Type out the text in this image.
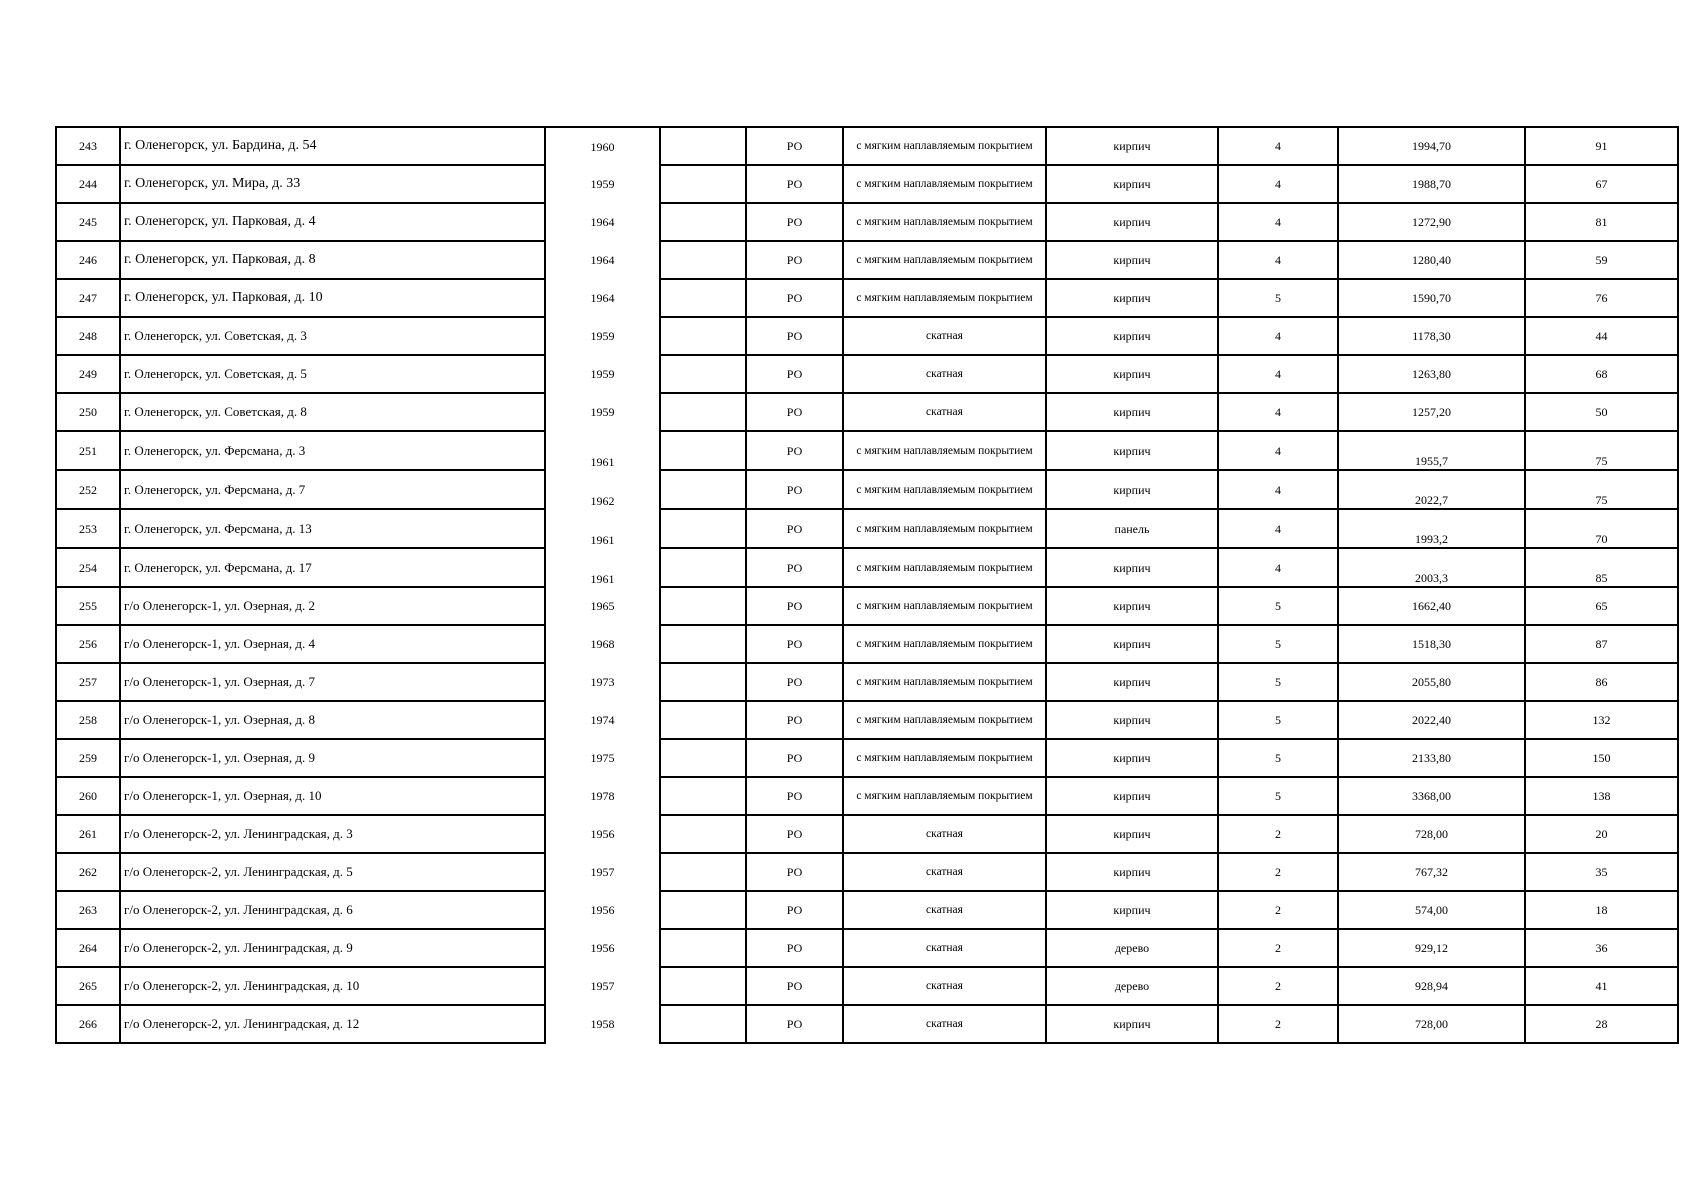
243	г. Оленегорск, ул. Бардина, д. 54	1960		РО	с мягким наплавляемым покрытием	кирпич	4	1994,70	91
244	г. Оленегорск, ул. Мира, д. 33	1959		РО	с мягким наплавляемым покрытием	кирпич	4	1988,70	67
245	г. Оленегорск, ул. Парковая, д. 4	1964		РО	с мягким наплавляемым покрытием	кирпич	4	1272,90	81
246	г. Оленегорск, ул. Парковая, д. 8	1964		РО	с мягким наплавляемым покрытием	кирпич	4	1280,40	59
247	г. Оленегорск, ул. Парковая, д. 10	1964		РО	с мягким наплавляемым покрытием	кирпич	5	1590,70	76
248	г. Оленегорск, ул. Советская, д. 3	1959		РО	скатная	кирпич	4	1178,30	44
249	г. Оленегорск, ул. Советская, д. 5	1959		РО	скатная	кирпич	4	1263,80	68
250	г. Оленегорск, ул. Советская, д. 8	1959		РО	скатная	кирпич	4	1257,20	50
251	г. Оленегорск, ул. Ферсмана, д. 3	1961		РО	с мягким наплавляемым покрытием	кирпич	4	1955,7	75
252	г. Оленегорск, ул. Ферсмана, д. 7	1962		РО	с мягким наплавляемым покрытием	кирпич	4	2022,7	75
253	г. Оленегорск, ул. Ферсмана, д. 13	1961		РО	с мягким наплавляемым покрытием	панель	4	1993,2	70
254	г. Оленегорск, ул. Ферсмана, д. 17	1961		РО	с мягким наплавляемым покрытием	кирпич	4	2003,3	85
255	г/о Оленегорск-1, ул. Озерная, д. 2	1965		РО	с мягким наплавляемым покрытием	кирпич	5	1662,40	65
256	г/о Оленегорск-1, ул. Озерная, д. 4	1968		РО	с мягким наплавляемым покрытием	кирпич	5	1518,30	87
257	г/о Оленегорск-1, ул. Озерная, д. 7	1973		РО	с мягким наплавляемым покрытием	кирпич	5	2055,80	86
258	г/о Оленегорск-1, ул. Озерная, д. 8	1974		РО	с мягким наплавляемым покрытием	кирпич	5	2022,40	132
259	г/о Оленегорск-1, ул. Озерная, д. 9	1975		РО	с мягким наплавляемым покрытием	кирпич	5	2133,80	150
260	г/о Оленегорск-1, ул. Озерная, д. 10	1978		РО	с мягким наплавляемым покрытием	кирпич	5	3368,00	138
261	г/о Оленегорск-2, ул. Ленинградская, д. 3	1956		РО	скатная	кирпич	2	728,00	20
262	г/о Оленегорск-2, ул. Ленинградская, д. 5	1957		РО	скатная	кирпич	2	767,32	35
263	г/о Оленегорск-2, ул. Ленинградская, д. 6	1956		РО	скатная	кирпич	2	574,00	18
264	г/о Оленегорск-2, ул. Ленинградская, д. 9	1956		РО	скатная	дерево	2	929,12	36
265	г/о Оленегорск-2, ул. Ленинградская, д. 10	1957		РО	скатная	дерево	2	928,94	41
266	г/о Оленегорск-2, ул. Ленинградская, д. 12	1958		РО	скатная	кирпич	2	728,00	28
